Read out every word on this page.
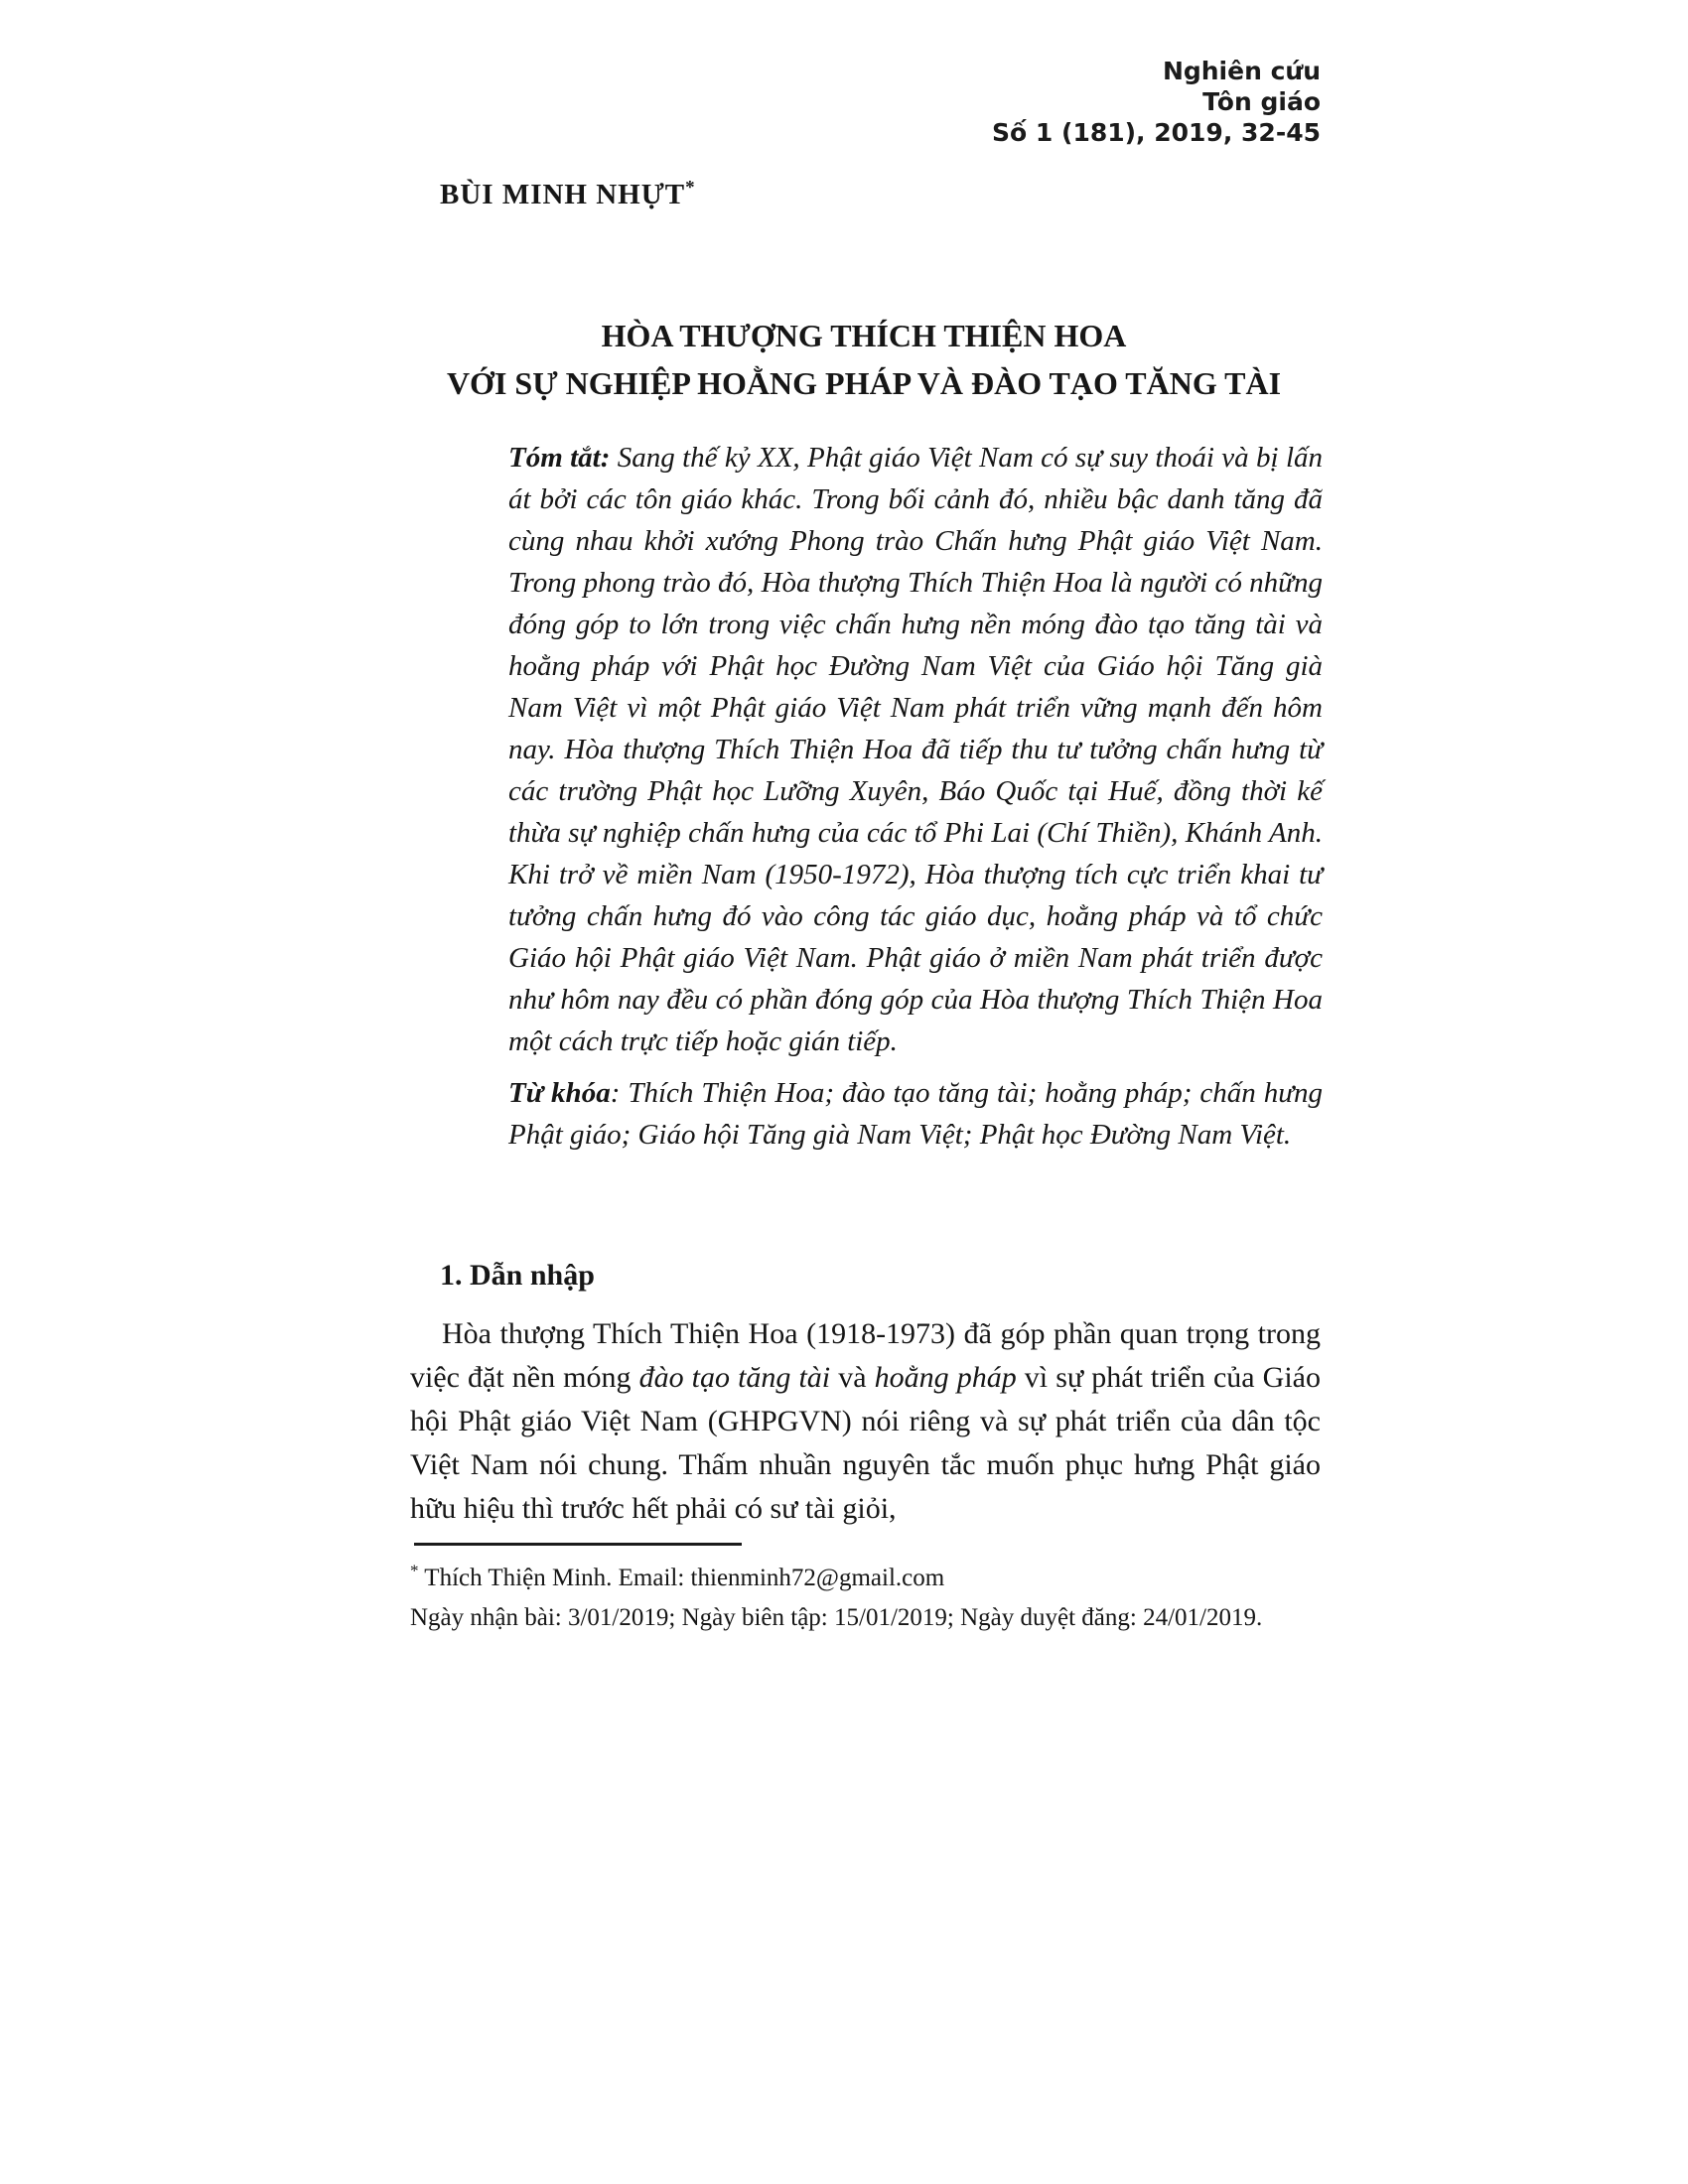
Nghiên cứu
Tôn giáo
Số 1 (181), 2019, 32-45
BÙI MINH NHỰT*
HÒA THƯỢNG THÍCH THIỆN HOA
VỚI SỰ NGHIỆP HOẰNG PHÁP VÀ ĐÀO TẠO TĂNG TÀI

Tóm tắt: Sang thế kỷ XX, Phật giáo Việt Nam có sự suy thoái và bị lấn át bởi các tôn giáo khác. Trong bối cảnh đó, nhiều bậc danh tăng đã cùng nhau khởi xướng Phong trào Chấn hưng Phật giáo Việt Nam. Trong phong trào đó, Hòa thượng Thích Thiện Hoa là người có những đóng góp to lớn trong việc chấn hưng nền móng đào tạo tăng tài và hoằng pháp với Phật học Đường Nam Việt của Giáo hội Tăng già Nam Việt vì một Phật giáo Việt Nam phát triển vững mạnh đến hôm nay. Hòa thượng Thích Thiện Hoa đã tiếp thu tư tưởng chấn hưng từ các trường Phật học Lưỡng Xuyên, Báo Quốc tại Huế, đồng thời kế thừa sự nghiệp chấn hưng của các tổ Phi Lai (Chí Thiền), Khánh Anh. Khi trở về miền Nam (1950-1972), Hòa thượng tích cực triển khai tư tưởng chấn hưng đó vào công tác giáo dục, hoằng pháp và tổ chức Giáo hội Phật giáo Việt Nam. Phật giáo ở miền Nam phát triển được như hôm nay đều có phần đóng góp của Hòa thượng Thích Thiện Hoa một cách trực tiếp hoặc gián tiếp.

Từ khóa: Thích Thiện Hoa; đào tạo tăng tài; hoằng pháp; chấn hưng Phật giáo; Giáo hội Tăng già Nam Việt; Phật học Đường Nam Việt.

1. Dẫn nhập

Hòa thượng Thích Thiện Hoa (1918-1973) đã góp phần quan trọng trong việc đặt nền móng đào tạo tăng tài và hoằng pháp vì sự phát triển của Giáo hội Phật giáo Việt Nam (GHPGVN) nói riêng và sự phát triển của dân tộc Việt Nam nói chung. Thấm nhuần nguyên tắc muốn phục hưng Phật giáo hữu hiệu thì trước hết phải có sư tài giỏi,

* Thích Thiện Minh. Email: thienminh72@gmail.com
Ngày nhận bài: 3/01/2019; Ngày biên tập: 15/01/2019; Ngày duyệt đăng: 24/01/2019.
